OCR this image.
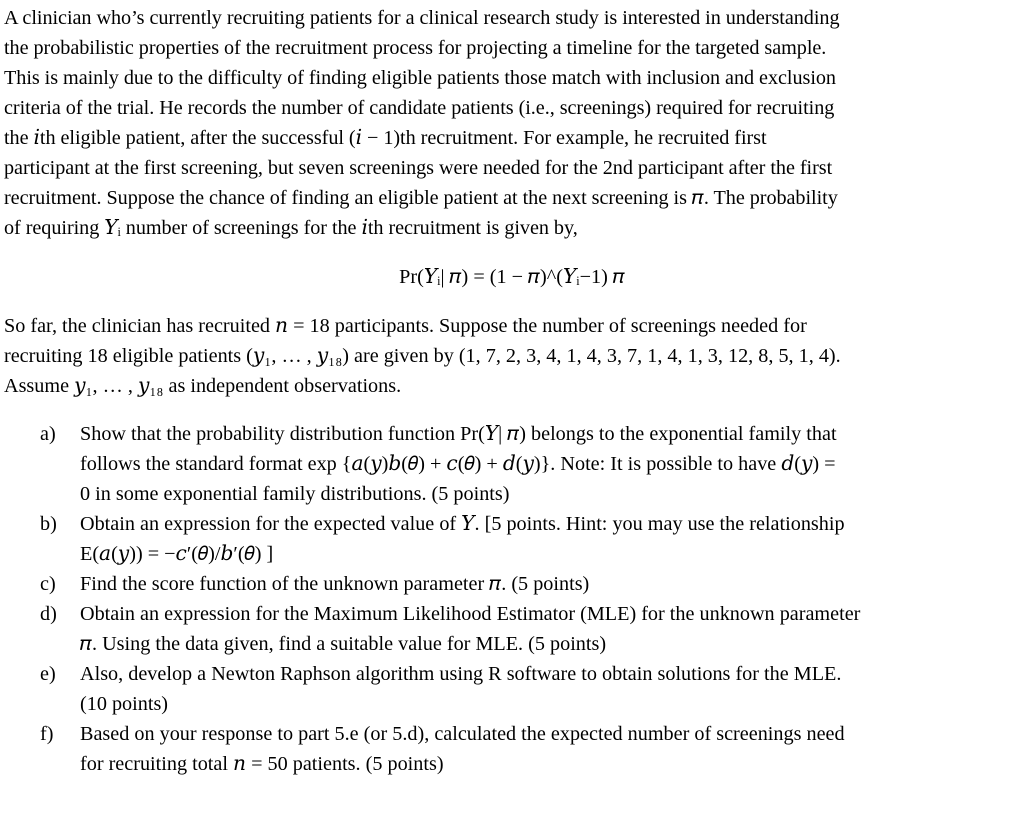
A clinician who’s currently recruiting patients for a clinical research study is interested in understanding
the probabilistic properties of the recruitment process for projecting a timeline for the targeted sample.
This is mainly due to the difficulty of finding eligible patients those match with inclusion and exclusion
criteria of the trial. He records the number of candidate patients (i.e., screenings) required for recruiting
the 𝑖th eligible patient, after the successful (𝑖 − 1)th recruitment. For example, he recruited first
participant at the first screening, but seven screenings were needed for the 2nd participant after the first
recruitment. Suppose the chance of finding an eligible patient at the next screening is 𝜋. The probability
of requiring 𝑌ᵢ number of screenings for the 𝑖th recruitment is given by,
Pr(𝑌ᵢ| 𝜋) = (1 − 𝜋)^(𝑌ᵢ−1) 𝜋
So far, the clinician has recruited 𝑛 = 18 participants. Suppose the number of screenings needed for
recruiting 18 eligible patients (𝑦₁, … , 𝑦₁₈) are given by (1, 7, 2, 3, 4, 1, 4, 3, 7, 1, 4, 1, 3, 12, 8, 5, 1, 4).
Assume 𝑦₁, … , 𝑦₁₈ as independent observations.
a)	Show that the probability distribution function Pr(𝑌| 𝜋) belongs to the exponential family that
follows the standard format exp {𝑎(𝑦)𝑏(𝜃) + 𝑐(𝜃) + 𝑑(𝑦)}. Note: It is possible to have 𝑑(𝑦) =
0 in some exponential family distributions. (5 points)
b)	Obtain an expression for the expected value of 𝑌. [5 points. Hint: you may use the relationship
E(𝑎(𝑦)) = −𝑐′(𝜃)/𝑏′(𝜃) ]
c)	Find the score function of the unknown parameter 𝜋. (5 points)
d)	Obtain an expression for the Maximum Likelihood Estimator (MLE) for the unknown parameter
𝜋. Using the data given, find a suitable value for MLE. (5 points)
e)	Also, develop a Newton Raphson algorithm using R software to obtain solutions for the MLE.
(10 points)
f)	Based on your response to part 5.e (or 5.d), calculated the expected number of screenings need
for recruiting total 𝑛 = 50 patients. (5 points)
